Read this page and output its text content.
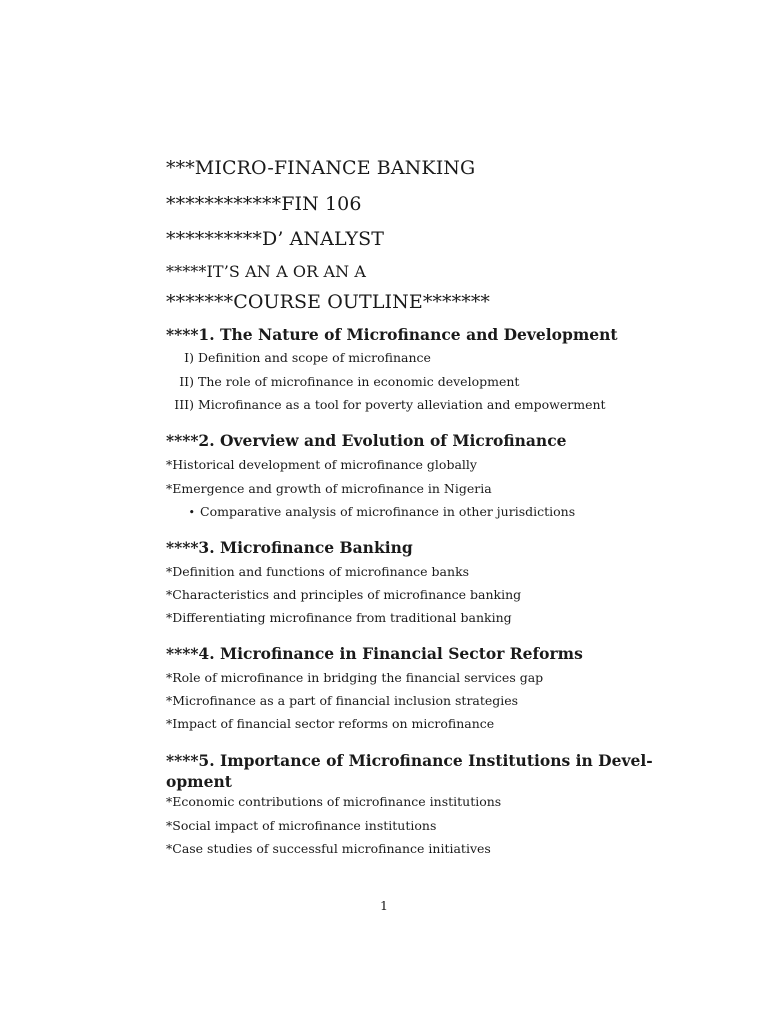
***MICRO-FINANCE BANKING
************FIN 106
**********D’ ANALYST
*****IT’S AN A OR AN A
*******COURSE OUTLINE*******
****1. The Nature of Microfinance and Development
I) Definition and scope of microfinance
II) The role of microfinance in economic development
III) Microfinance as a tool for poverty alleviation and empowerment
****2. Overview and Evolution of Microfinance
*Historical development of microfinance globally
*Emergence and growth of microfinance in Nigeria
• Comparative analysis of microfinance in other jurisdictions
****3. Microfinance Banking
*Definition and functions of microfinance banks
*Characteristics and principles of microfinance banking
*Differentiating microfinance from traditional banking
****4. Microfinance in Financial Sector Reforms
*Role of microfinance in bridging the financial services gap
*Microfinance as a part of financial inclusion strategies
*Impact of financial sector reforms on microfinance
****5. Importance of Microfinance Institutions in Devel-
opment
*Economic contributions of microfinance institutions
*Social impact of microfinance institutions
*Case studies of successful microfinance initiatives
1
